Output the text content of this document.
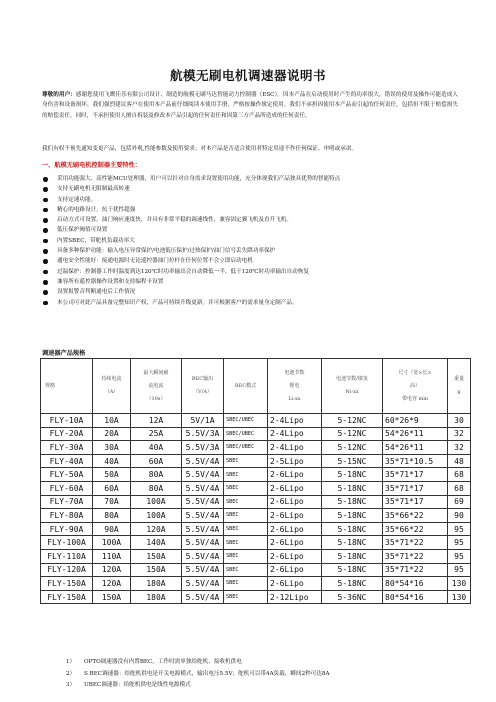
航模无刷电机调速器说明书

尊敬的用户：感谢您使用飞鹰佳乐有限公司设计、制造的航模无刷马达智能动力控制器（ESC）。因本产品在启动使用时产生的功率很大，错误的使用及操作可能造成人身伤害和设备损坏，我们强烈建议客户在使用本产品前仔细阅读本使用手册，严格按操作规定使用。我们不承担因使用本产品而引起的任何责任，包括但不限于赔偿损失的赔偿责任。同时，不承担使用人擅自拆装及修改本产品引起的任何责任和因第三方产品所造成的任何责任。

我们有权不预先通知变更产品，包括外观,性能参数及使用要求；对本产品是否适合使用者特定用途不作任何保证、申明或承诺。

一、航模无刷电机控制器主要特性：
采用功能强大、高性能MCU处理器，用户可以针对自身需求设置使用功能，充分体现我们产品独具优势的智能特点
支持无刷电机无限制最高转速
支持定速功能。
精心的电路设计，抗干扰性超强
启动方式可设置，油门响应速度快，并具有非常平稳的调速线性，兼容固定翼飞机及直升飞机。
低压保护阀值可设置
内置SBEC，带舵机负载功率大
具备多种保护功能：输入电压异常保护/电池低压保护/过热保护/油门信号丢失降功率保护
通电安全性能好：接通电源时无论遥控器油门拉杆在任何位置不会立即启动电机
过温保护：控制器工作时温度到达120℃时功率输出会自动降低一半，低于120℃时功率输出自动恢复
兼容所有遥控器操作设置和支持编程卡设置
设置报警音判断通电后工作情况
本公司可对此产品具备完整知识产权，产品可持续升级更新。并可根据客户的需求量身定制产品。
调速器产品规格
规格	持续电流
（A）	最大瞬间耐
流电流
（10s）	BEC输出
（V/A）	BEC模式	电池节数
锂电
Li-xx	电池节数/镍氢
Ni-xx	尺寸（宽×长×
高）
带电容 mm	重量
g

FLY-10A	10A	12A	5V/1A	SBEC/UBEC	2-4Lipo	5-12NC	60*26*9	30
FLY-20A	20A	25A	5.5V/3A	SBEC/UBEC	2-4Lipo	5-12NC	54*26*11	32
FLY-30A	30A	40A	5.5V/3A	SBEC/UBEC	2-4Lipo	5-12NC	54*26*11	32
FLY-40A	40A	60A	5.5V/4A	SBEC	2-5Lipo	5-15NC	35*71*10.5	48
FLY-50A	50A	80A	5.5V/4A	SBEC	2-6Lipo	5-18NC	35*71*17	68
FLY-60A	60A	80A	5.5V/4A	SBEC	2-6Lipo	5-18NC	35*71*17	68
FLY-70A	70A	100A	5.5V/4A	SBEC	2-6Lipo	5-18NC	35*71*17	69
FLY-80A	80A	100A	5.5V/4A	SBEC	2-6Lipo	5-18NC	35*66*22	90
FLY-90A	90A	120A	5.5V/4A	SBEC	2-6Lipo	5-18NC	35*66*22	95
FLY-100A	100A	140A	5.5V/4A	SBEC	2-6Lipo	5-18NC	35*71*22	95
FLY-110A	110A	150A	5.5V/4A	SBEC	2-6Lipo	5-18NC	35*71*22	95
FLY-120A	120A	150A	5.5V/4A	SBEC	2-6Lipo	5-18NC	35*71*22	95
FLY-150A	120A	180A	5.5V/4A	SBEC	2-6Lipo	5-18NC	80*54*16	130
FLY-150A	150A	180A	5.5V/4A	SBEC	2-12Lipo	5-36NC	80*54*16	130
1） OPTO调速器没有内置BEC，工作时需单独给舵机、接收机供电
2） S BEC调速器：给舵机供电是开关电源模式，输出电压5.5V；舵机可以带4A负载，瞬间2秒可达8A
3） UBEC调速器：给舵机供电是线性电源模式
